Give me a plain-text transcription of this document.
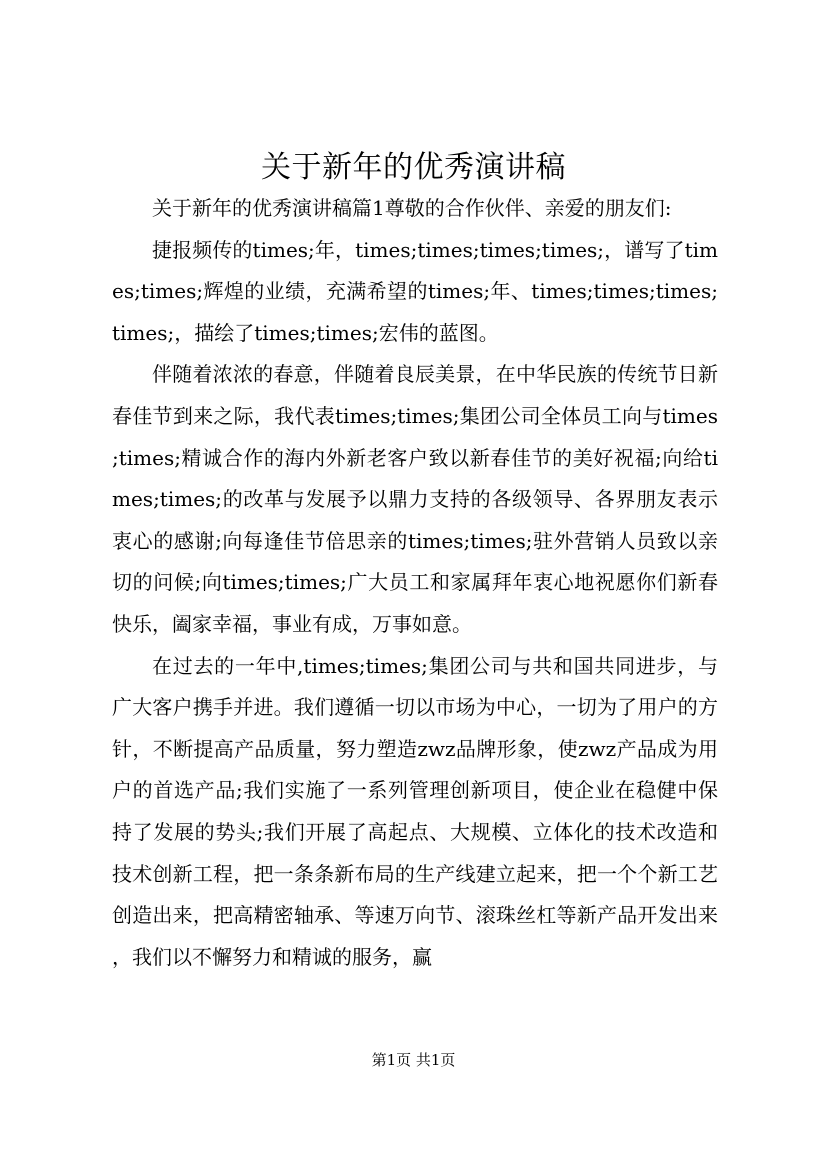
关于新年的优秀演讲稿

关于新年的优秀演讲稿篇1尊敬的合作伙伴、亲爱的朋友们:

捷报频传的times;年，times;times;times;times;，谱写了times;times;辉煌的业绩，充满希望的times;年、times;times;times;times;，描绘了times;times;宏伟的蓝图。

伴随着浓浓的春意，伴随着良辰美景，在中华民族的传统节日新春佳节到来之际，我代表times;times;集团公司全体员工向与times;times;精诚合作的海内外新老客户致以新春佳节的美好祝福;向给times;times;的改革与发展予以鼎力支持的各级领导、各界朋友表示衷心的感谢;向每逢佳节倍思亲的times;times;驻外营销人员致以亲切的问候;向times;times;广大员工和家属拜年衷心地祝愿你们新春快乐，阖家幸福，事业有成，万事如意。

在过去的一年中,times;times;集团公司与共和国共同进步，与广大客户携手并进。我们遵循一切以市场为中心，一切为了用户的方针，不断提高产品质量，努力塑造zwz品牌形象，使zwz产品成为用户的首选产品;我们实施了一系列管理创新项目，使企业在稳健中保持了发展的势头;我们开展了高起点、大规模、立体化的技术改造和技术创新工程，把一条条新布局的生产线建立起来，把一个个新工艺创造出来，把高精密轴承、等速万向节、滚珠丝杠等新产品开发出来，我们以不懈努力和精诚的服务，赢

第1页 共1页
